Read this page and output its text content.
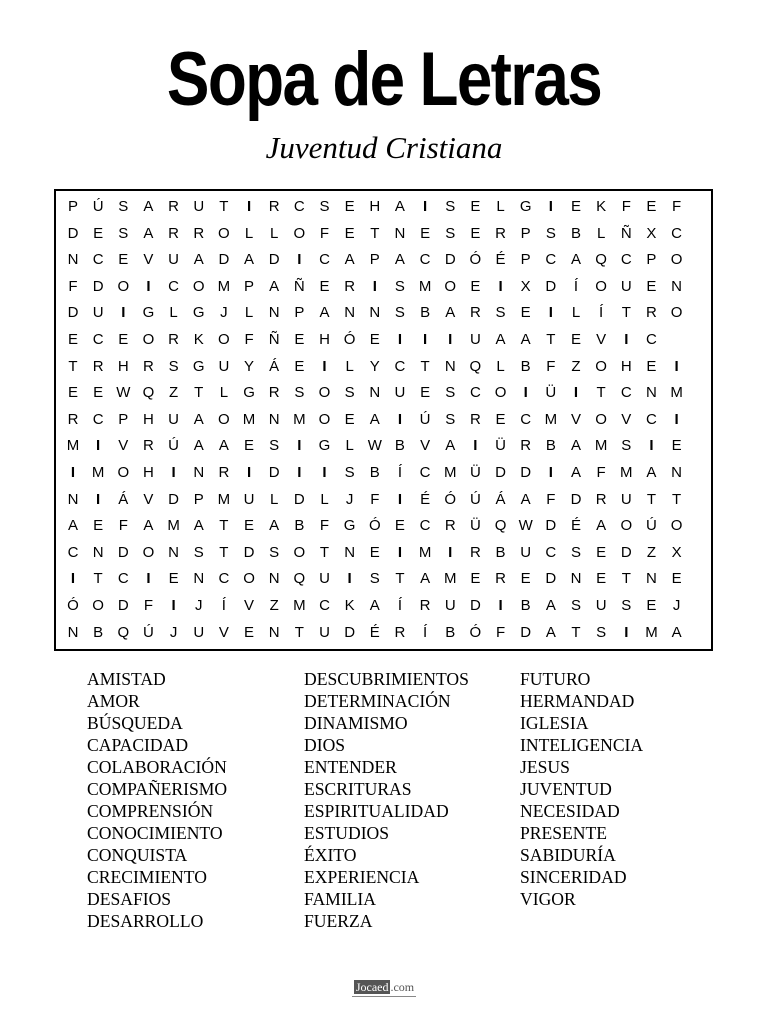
Sopa de Letras
Juventud Cristiana
P Ú S	A R U	T	I	R C S	E H A	I	S	E	L	G	I	E	K	F	E	F
D E	S	A R R O	L	L	O F	E	T	N E	S	E R P	S	B	L	Ñ X C
N C E	V U A D A D	I	C A	P	A C D Ó É	P C A Q C P O
F	D O	I	C O M P	A Ñ E R	I	S M O E	I	X D	Í	O U E N
D U	I	G	L	G	J	L	N P	A N N S	B	A R S	E	I	L	Í	T	R O
E C E O R K O F	Ñ E H Ó E	I	I	I	U A	A	T	E	V	I	C
T	R H R S G U Y	Á	E	I	L	Y C	T	N Q	L	B	F	Z O H E	I
E	E W Q Z	T	L	G R S O S N U E	S C O	I	Ü	I	T	C N M
R C P H U A O M N M O E	A	I	Ú S R E C M V O V C	I
M	I	V R Ú A	A	E	S	I	G	L W B	V	A	I	Ü R B	A M S	I	E
I	M O H	I	N R	I	D	I	I	S	B	Í	C M Ü D D	I	A	F M A N
N	I	Á	V D P M U	L	D	L	J	F	I	É Ó Ú Á	A	F	D R U	T	T
A	E	F	A M A	T	E	A	B	F G Ó E C R Ü Q W D É	A O Ú O
C N D O N S	T	D S O T	N E	I	M	I	R B U C S	E D	Z	X
I	T	C	I	E N C O N Q U	I	S	T	A M E R E D N E	T	N E
Ó O D	F	I	J	Í	V	Z M C K	A	Í	R U D	I	B	A	S U S	E	J
N B Q Ú	J	U V	E N	T	U D É R	Í	B Ó F	D A	T	S	I	M A
AMISTAD
AMOR
BÚSQUEDA
CAPACIDAD
COLABORACIÓN
COMPAÑERISMO
COMPRENSIÓN
CONOCIMIENTO
CONQUISTA
CRECIMIENTO
DESAFIOS
DESARROLLO
DESCUBRIMIENTOS
DETERMINACIÓN
DINAMISMO
DIOS
ENTENDER
ESCRITURAS
ESPIRITUALIDAD
ESTUDIOS
ÉXITO
EXPERIENCIA
FAMILIA
FUERZA
FUTURO
HERMANDAD
IGLESIA
INTELIGENCIA
JESUS
JUVENTUD
NECESIDAD
PRESENTE
SABIDURÍA
SINCERIDAD
VIGOR
Jocaed .com
